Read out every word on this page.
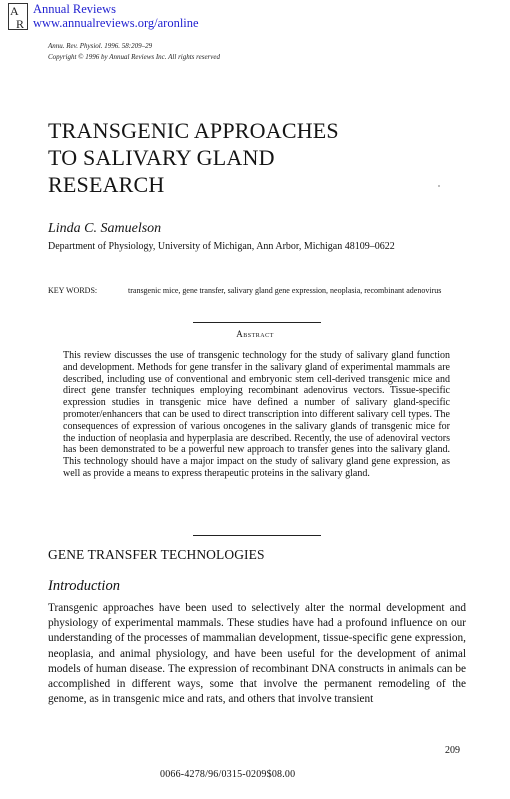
A
R
Annual Reviews
www.annualreviews.org/aronline
Annu. Rev. Physiol. 1996. 58:209–29
Copyright © 1996 by Annual Reviews Inc. All rights reserved
TRANSGENIC APPROACHES
TO SALIVARY GLAND
RESEARCH
Linda C. Samuelson
Department of Physiology, University of Michigan, Ann Arbor, Michigan 48109–0622
KEY WORDS:	transgenic mice, gene transfer, salivary gland gene expression, neoplasia, recombinant adenovirus
Abstract
This review discusses the use of transgenic technology for the study of salivary gland function and development. Methods for gene transfer in the salivary gland of experimental mammals are described, including use of conventional and embryonic stem cell-derived transgenic mice and direct gene transfer techniques employing recombinant adenovirus vectors. Tissue-specific expression studies in transgenic mice have defined a number of salivary gland-specific promoter/enhancers that can be used to direct transcription into different salivary cell types. The consequences of expression of various oncogenes in the salivary glands of transgenic mice for the induction of neoplasia and hyperplasia are described. Recently, the use of adenoviral vectors has been demonstrated to be a powerful new approach to transfer genes into the salivary gland. This technology should have a major impact on the study of salivary gland gene expression, as well as provide a means to express therapeutic proteins in the salivary gland.
GENE TRANSFER TECHNOLOGIES
Introduction
Transgenic approaches have been used to selectively alter the normal development and physiology of experimental mammals. These studies have had a profound influence on our understanding of the processes of mammalian development, tissue-specific gene expression, neoplasia, and animal physiology, and have been useful for the development of animal models of human disease. The expression of recombinant DNA constructs in animals can be accomplished in different ways, some that involve the permanent remodeling of the genome, as in transgenic mice and rats, and others that involve transient
209
0066-4278/96/0315-0209$08.00
